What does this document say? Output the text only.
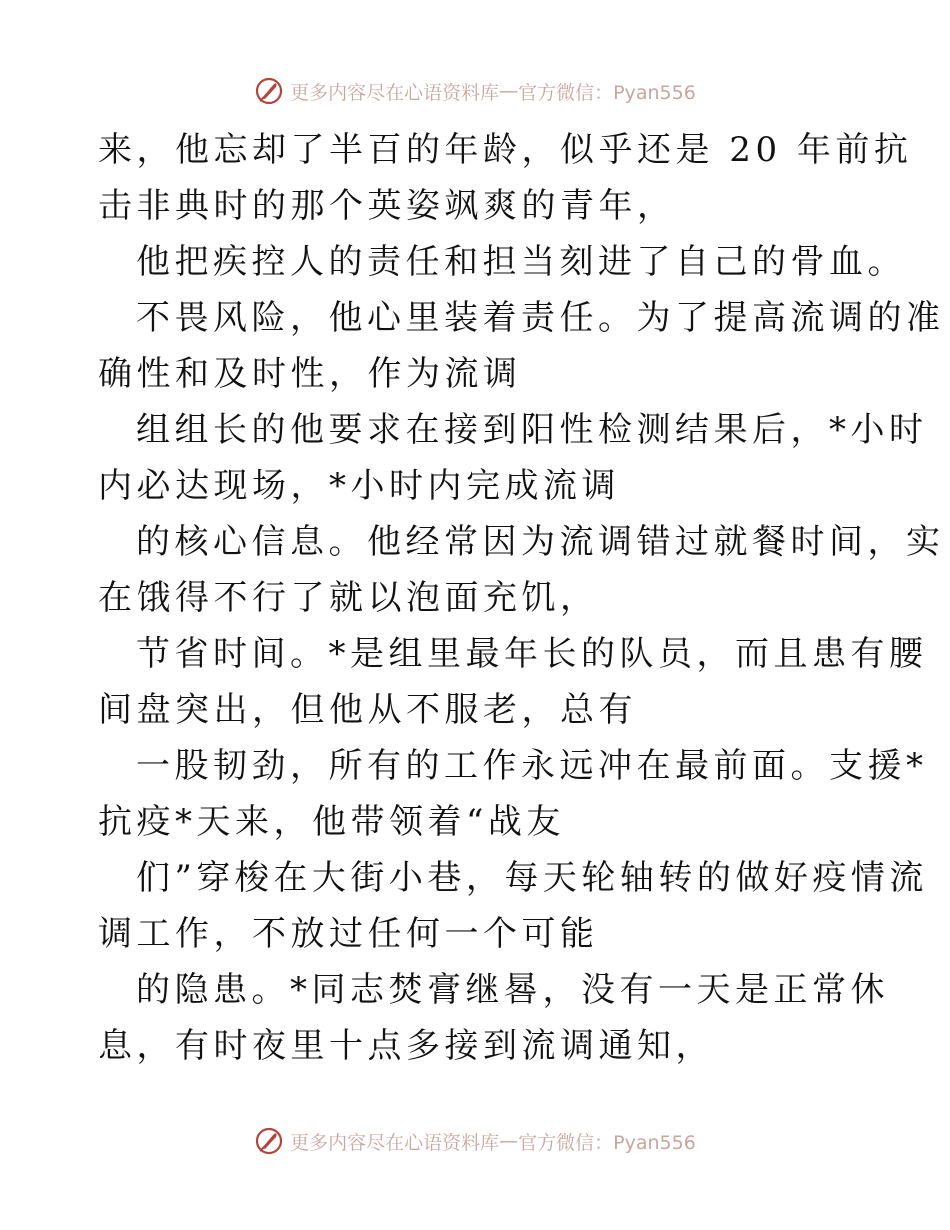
更多内容尽在心语资料库 — 官方微信：Pyan556
来，他忘却了半百的年龄，似乎还是 20 年前抗
击非典时的那个英姿飒爽的青年，
他把疾控人的责任和担当刻进了自己的骨血。
不畏风险，他心里装着责任。为了提高流调的准
确性和及时性，作为流调
组组长的他要求在接到阳性检测结果后，*小时
内必达现场，*小时内完成流调
的核心信息。他经常因为流调错过就餐时间，实
在饿得不行了就以泡面充饥，
节省时间。*是组里最年长的队员，而且患有腰
间盘突出，但他从不服老，总有
一股韧劲，所有的工作永远冲在最前面。支援*
抗疫*天来，他带领着“战友
们”穿梭在大街小巷，每天轮轴转的做好疫情流
调工作，不放过任何一个可能
的隐患。*同志焚膏继晷，没有一天是正常休
息，有时夜里十点多接到流调通知，
更多内容尽在心语资料库 — 官方微信：Pyan556
